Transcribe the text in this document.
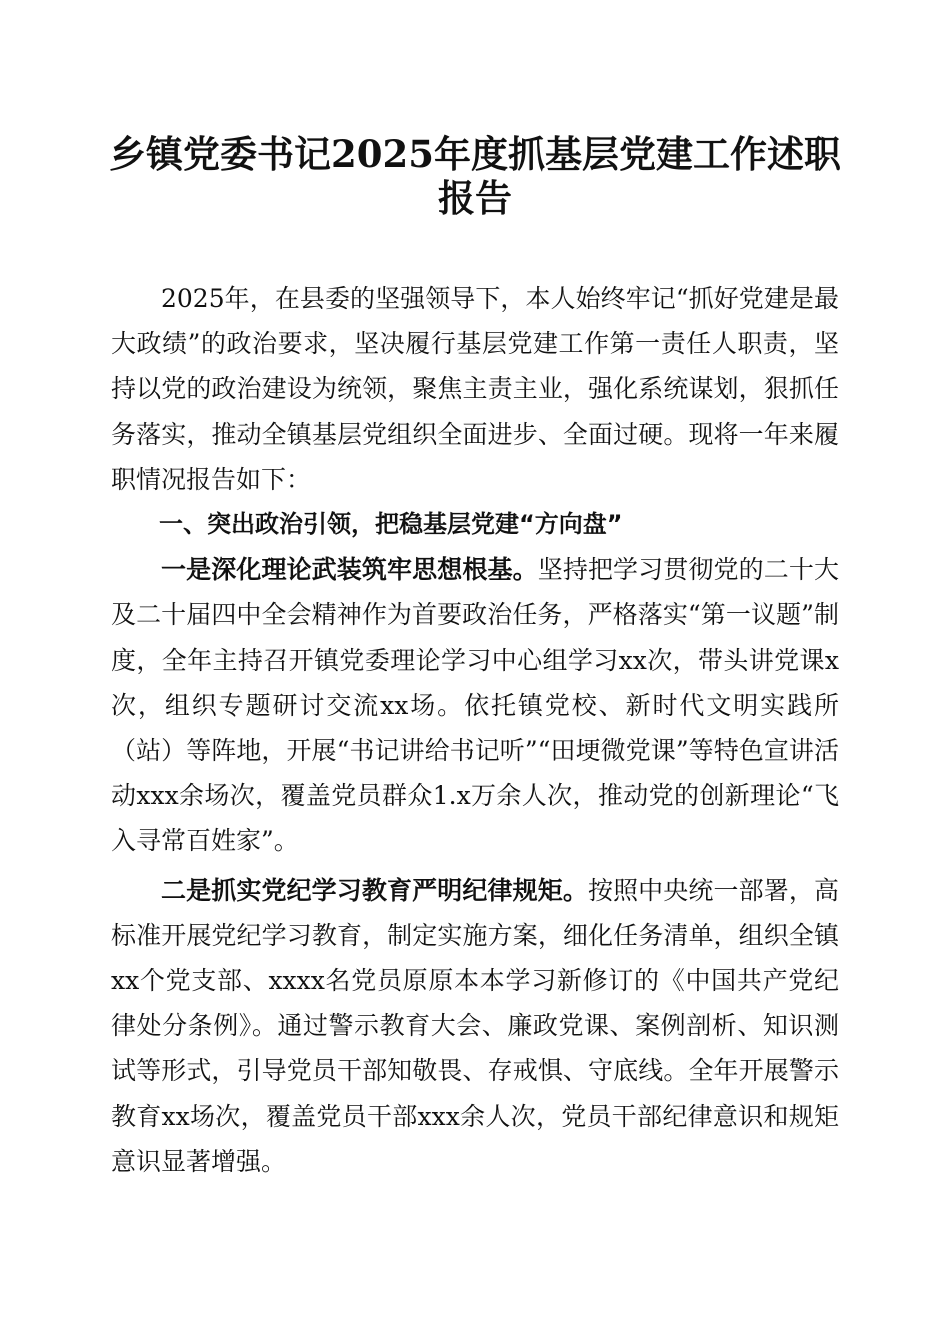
乡镇党委书记2025年度抓基层党建工作述职
报告

2025年，在县委的坚强领导下，本人始终牢记“抓好党建是最大政绩”的政治要求，坚决履行基层党建工作第一责任人职责，坚持以党的政治建设为统领，聚焦主责主业，强化系统谋划，狠抓任务落实，推动全镇基层党组织全面进步、全面过硬。现将一年来履职情况报告如下：

一、突出政治引领，把稳基层党建“方向盘”

一是深化理论武装筑牢思想根基。坚持把学习贯彻党的二十大及二十届四中全会精神作为首要政治任务，严格落实“第一议题”制度，全年主持召开镇党委理论学习中心组学习xx次，带头讲党课x次，组织专题研讨交流xx场。依托镇党校、新时代文明实践所（站）等阵地，开展“书记讲给书记听”“田埂微党课”等特色宣讲活动xxx余场次，覆盖党员群众1.x万余人次，推动党的创新理论“飞入寻常百姓家”。

二是抓实党纪学习教育严明纪律规矩。按照中央统一部署，高标准开展党纪学习教育，制定实施方案，细化任务清单，组织全镇xx个党支部、xxxx名党员原原本本学习新修订的《中国共产党纪律处分条例》。通过警示教育大会、廉政党课、案例剖析、知识测试等形式，引导党员干部知敬畏、存戒惧、守底线。全年开展警示教育xx场次，覆盖党员干部xxx余人次，党员干部纪律意识和规矩意识显著增强。
